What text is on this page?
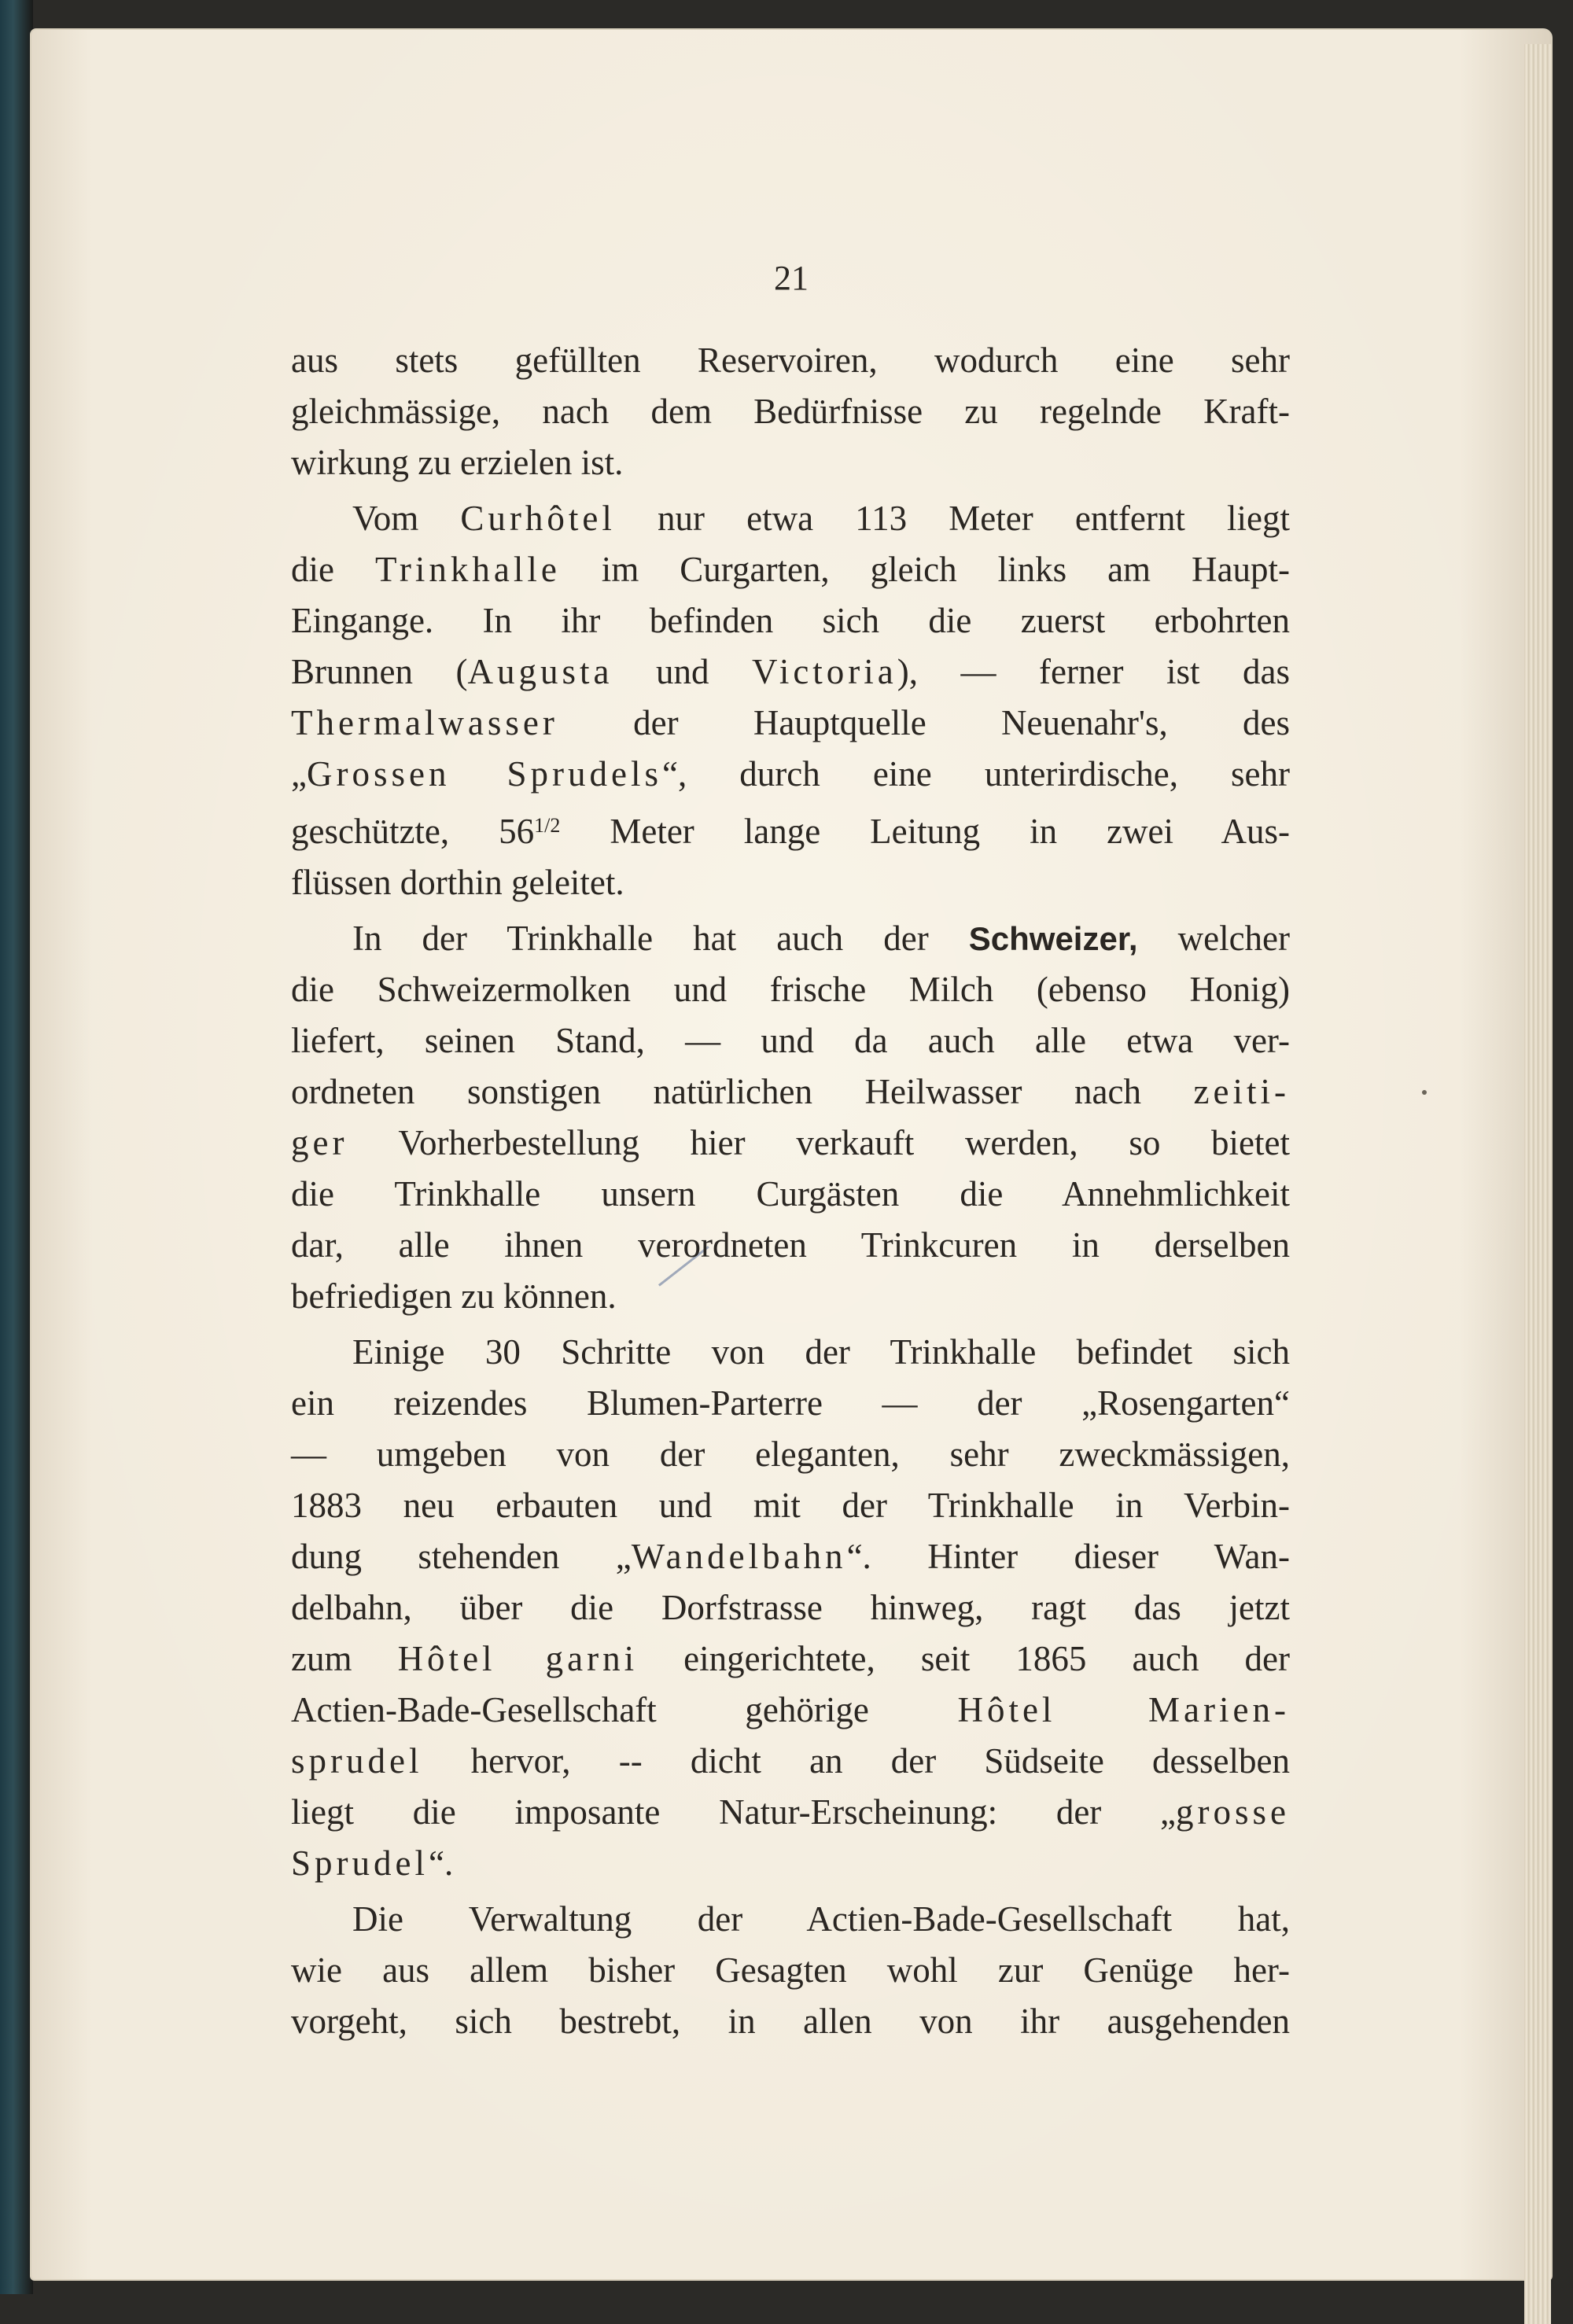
21
aus stets gefüllten Reservoiren, wodurch eine sehr
gleichmässige, nach dem Bedürfnisse zu regelnde Kraft-
wirkung zu erzielen ist.
Vom Curhôtel nur etwa 113 Meter entfernt liegt
die Trinkhalle im Curgarten, gleich links am Haupt-
Eingange. In ihr befinden sich die zuerst erbohrten
Brunnen (Augusta und Victoria), — ferner ist das
Thermalwasser der Hauptquelle Neuenahr's, des
„Grossen Sprudels“, durch eine unterirdische, sehr
geschützte, $56^{1/2}$ Meter lange Leitung in zwei Aus-
flüssen dorthin geleitet.
In der Trinkhalle hat auch der Schweizer, welcher
die Schweizermolken und frische Milch (ebenso Honig)
liefert, seinen Stand, — und da auch alle etwa ver-
ordneten sonstigen natürlichen Heilwasser nach zeiti-
ger Vorherbestellung hier verkauft werden, so bietet
die Trinkhalle unsern Curgästen die Annehmlichkeit
dar, alle ihnen verordneten Trinkcuren in derselben
befriedigen zu können.
Einige 30 Schritte von der Trinkhalle befindet sich
ein reizendes Blumen-Parterre — der „Rosengarten“
— umgeben von der eleganten, sehr zweckmässigen,
1883 neu erbauten und mit der Trinkhalle in Verbin-
dung stehenden „Wandelbahn“. Hinter dieser Wan-
delbahn, über die Dorfstrasse hinweg, ragt das jetzt
zum Hôtel garni eingerichtete, seit 1865 auch der
Actien-Bade-Gesellschaft gehörige Hôtel Marien-
sprudel hervor, -- dicht an der Südseite desselben
liegt die imposante Natur-Erscheinung: der „grosse
Sprudel“.
Die Verwaltung der Actien-Bade-Gesellschaft hat,
wie aus allem bisher Gesagten wohl zur Genüge her-
vorgeht, sich bestrebt, in allen von ihr ausgehenden
